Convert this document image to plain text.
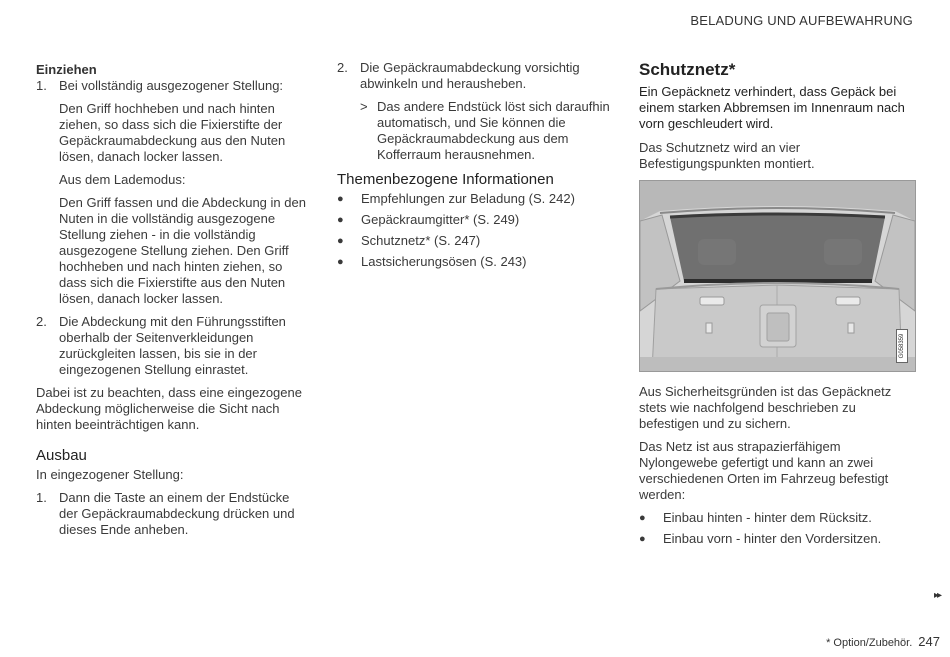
BELADUNG UND AUFBEWAHRUNG

Einziehen

1. Bei vollständig ausgezogener Stellung:

Den Griff hochheben und nach hinten ziehen, so dass sich die Fixierstifte der Gepäckraumabdeckung aus den Nuten lösen, danach locker lassen.

Aus dem Lademodus:

Den Griff fassen und die Abdeckung in den Nuten in die vollständig ausgezogene Stellung ziehen - in die vollständig ausgezogene Stellung ziehen. Den Griff hochheben und nach hinten ziehen, so dass sich die Fixierstifte aus den Nuten lösen, danach locker lassen.

2. Die Abdeckung mit den Führungsstiften oberhalb der Seitenverkleidungen zurückgleiten lassen, bis sie in der eingezogenen Stellung einrastet.

Dabei ist zu beachten, dass eine eingezogene Abdeckung möglicherweise die Sicht nach hinten beeinträchtigen kann.

Ausbau

In eingezogener Stellung:

1. Dann die Taste an einem der Endstücke der Gepäckraumabdeckung drücken und dieses Ende anheben.
2. Die Gepäckraumabdeckung vorsichtig abwinkeln und herausheben.
> Das andere Endstück löst sich daraufhin automatisch, und Sie können die Gepäckraumabdeckung aus dem Kofferraum herausnehmen.

Themenbezogene Informationen

●	Empfehlungen zur Beladung (S. 242)
●	Gepäckraumgitter* (S. 249)
●	Schutznetz* (S. 247)
●	Lastsicherungsösen (S. 243)

Schutznetz*

Ein Gepäcknetz verhindert, dass Gepäck bei einem starken Abbremsen im Innenraum nach vorn geschleudert wird.

Das Schutznetz wird an vier Befestigungspunkten montiert.

G058359

Aus Sicherheitsgründen ist das Gepäcknetz stets wie nachfolgend beschrieben zu befestigen und zu sichern.

Das Netz ist aus strapazierfähigem Nylongewebe gefertigt und kann an zwei verschiedenen Orten im Fahrzeug befestigt werden:

●	Einbau hinten - hinter dem Rücksitz.
●	Einbau vorn - hinter den Vordersitzen.
▸▸
* Option/Zubehör. 247
